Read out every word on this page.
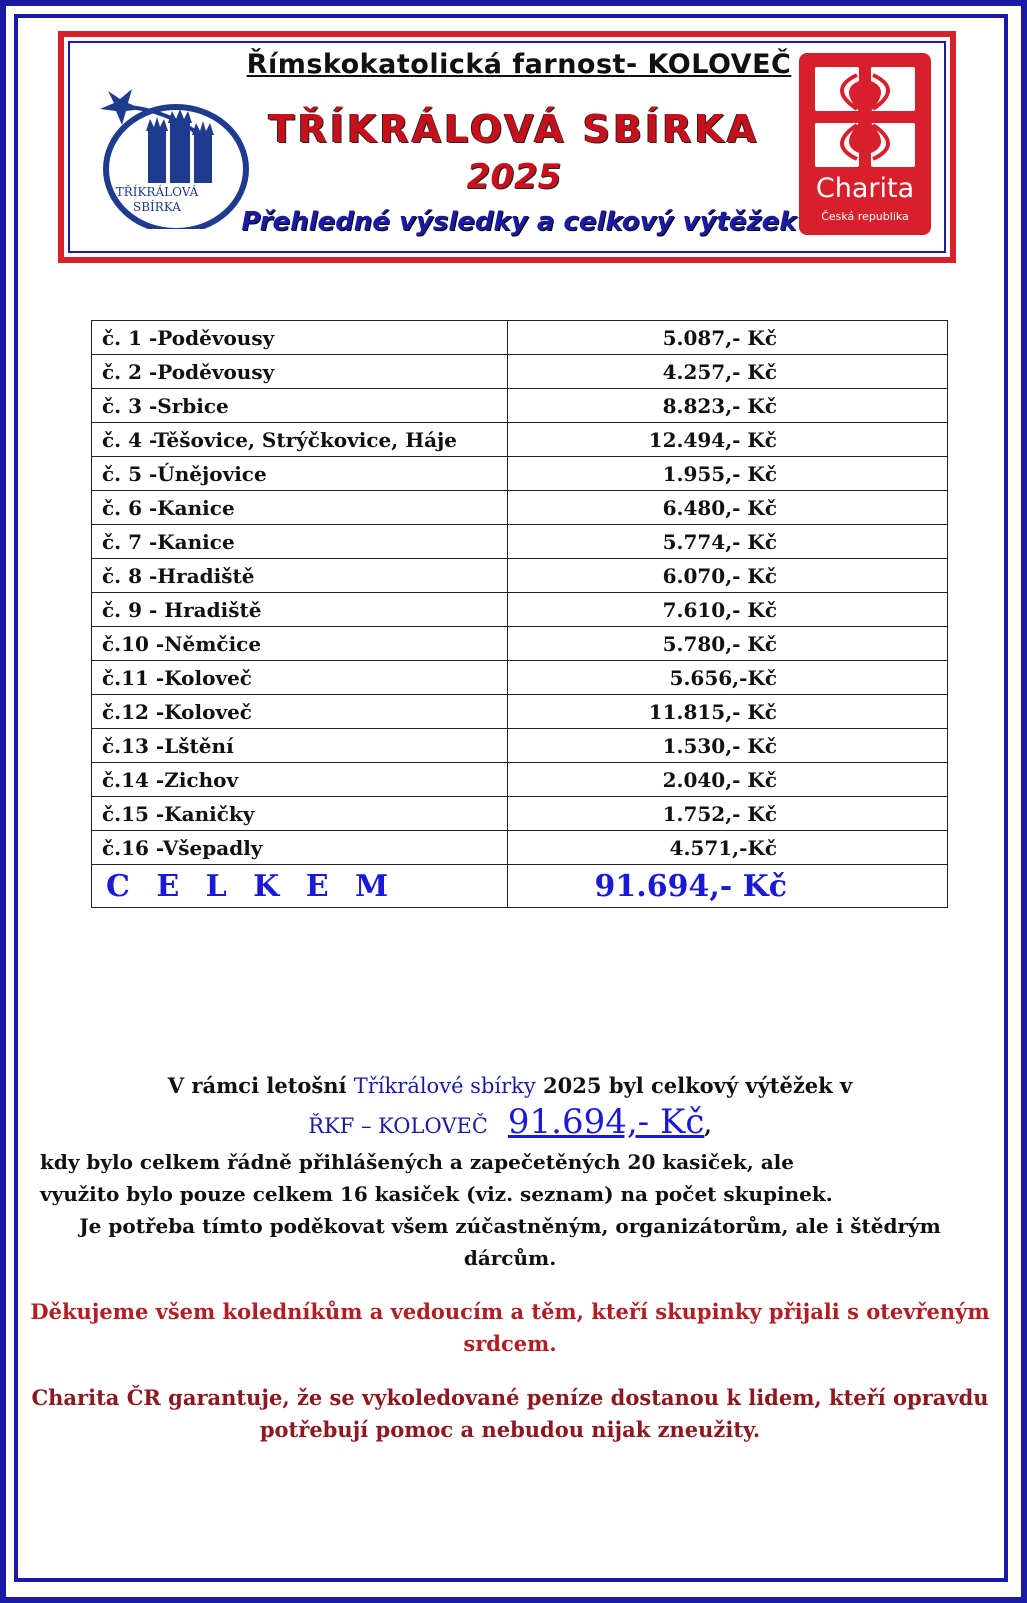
TŘÍKRÁLOVÁ
SBÍRKA
Římskokatolická farnost- KOLOVEČ
TŘÍKRÁLOVÁ SBÍRKA
2025
Přehledné výsledky a celkový výtěžek
Charita
Česká republika
č. 1 -Poděvousy	5.087,- Kč
č. 2 -Poděvousy	4.257,- Kč
č. 3 -Srbice	8.823,- Kč
č. 4 -Těšovice, Strýčkovice, Háje	12.494,- Kč
č. 5 -Únějovice	1.955,- Kč
č. 6 -Kanice	6.480,- Kč
č. 7 -Kanice	5.774,- Kč
č. 8 -Hradiště	6.070,- Kč
č. 9 - Hradiště	7.610,- Kč
č.10 -Němčice	5.780,- Kč
č.11 -Koloveč	5.656,-Kč
č.12 -Koloveč	11.815,- Kč
č.13 -Lštění	1.530,- Kč
č.14 -Zichov	2.040,- Kč
č.15 -Kaničky	1.752,- Kč
č.16 -Všepadly	4.571,-Kč
C E L K E M	91.694,- Kč

V rámci letošní Tříkrálové sbírky 2025 byl celkový výtěžek v

ŘKF – KOLOVEČ 91.694,- Kč,

kdy bylo celkem řádně přihlášených a zapečetěných 20 kasiček, ale

využito bylo pouze celkem 16 kasiček (viz. seznam) na počet skupinek.

Je potřeba tímto poděkovat všem zúčastněným, organizátorům, ale i štědrým dárcům.

Děkujeme všem koledníkům a vedoucím a těm, kteří skupinky přijali s otevřeným srdcem.

Charita ČR garantuje, že se vykoledované peníze dostanou k lidem, kteří opravdu potřebují pomoc a nebudou nijak zneužity.
